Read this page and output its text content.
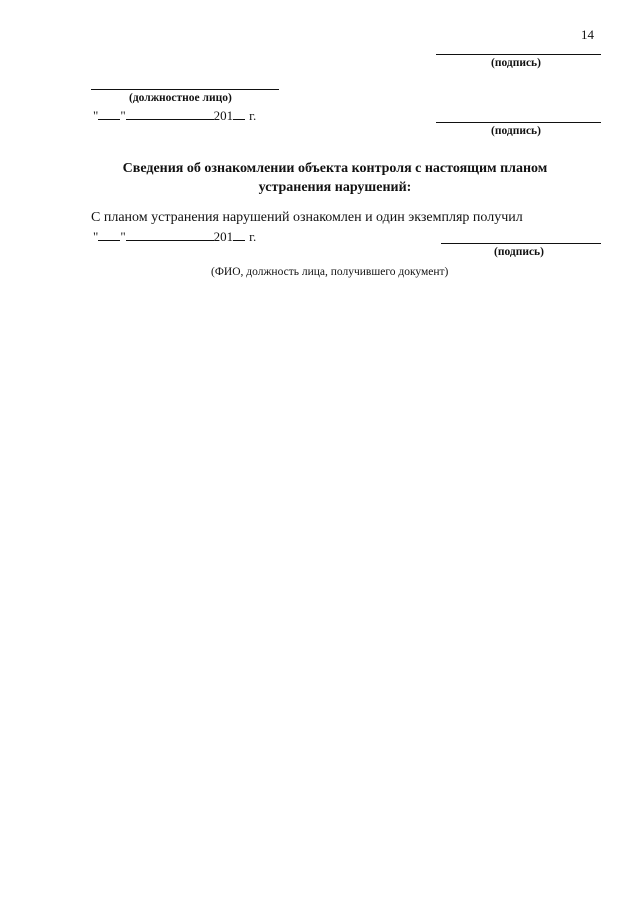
14
(подпись)
(должностное лицо)
" "	201 г.
(подпись)
Сведения об ознакомлении объекта контроля с настоящим планом устранения нарушений:
С планом устранения нарушений ознакомлен и один экземпляр получил
" "	201 г.
(подпись)
(ФИО, должность лица, получившего документ)
